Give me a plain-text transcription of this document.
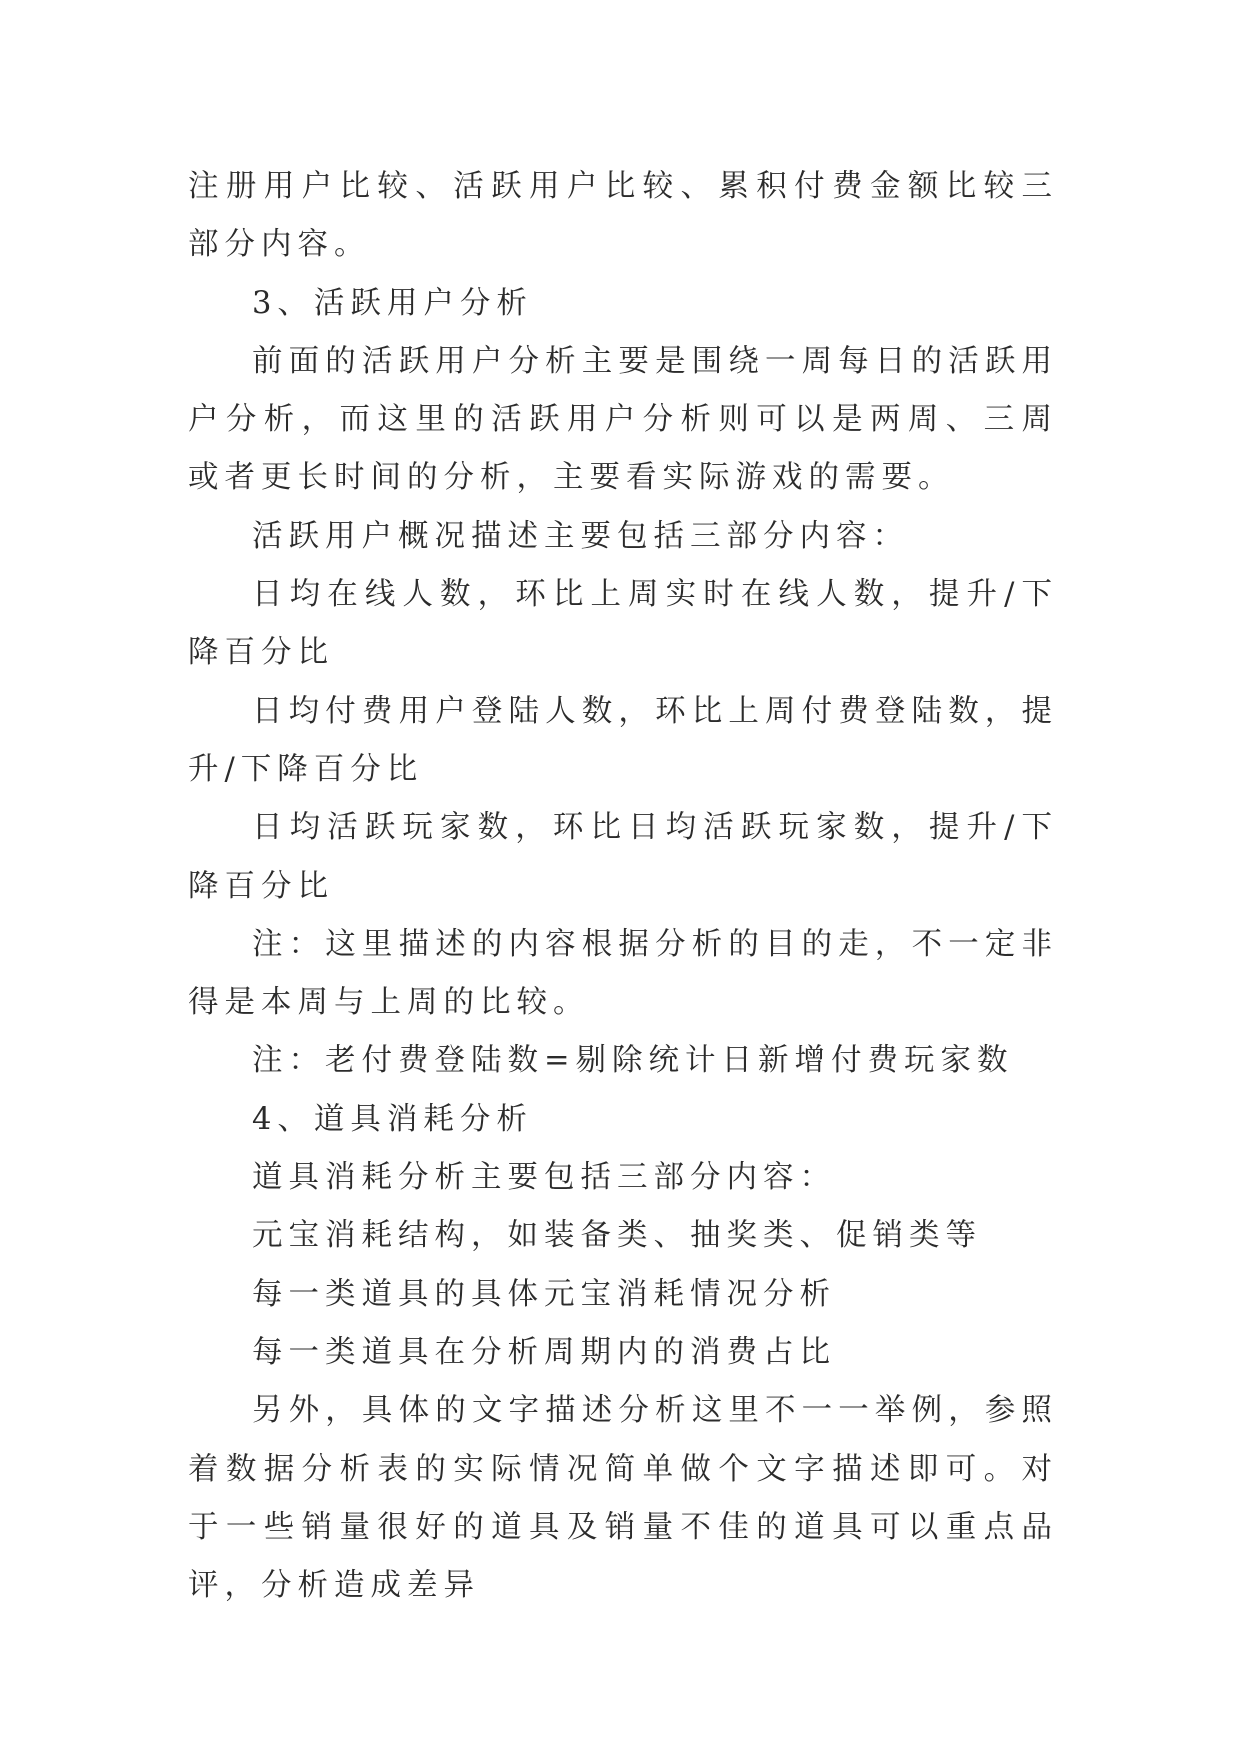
注册用户比较、活跃用户比较、累积付费金额比较三部分内容。

3、活跃用户分析

前面的活跃用户分析主要是围绕一周每日的活跃用户分析，而这里的活跃用户分析则可以是两周、三周或者更长时间的分析，主要看实际游戏的需要。

活跃用户概况描述主要包括三部分内容：

日均在线人数，环比上周实时在线人数，提升/下降百分比

日均付费用户登陆人数，环比上周付费登陆数，提升/下降百分比

日均活跃玩家数，环比日均活跃玩家数，提升/下降百分比

注：这里描述的内容根据分析的目的走，不一定非得是本周与上周的比较。

注：老付费登陆数=剔除统计日新增付费玩家数

4、道具消耗分析

道具消耗分析主要包括三部分内容：

元宝消耗结构，如装备类、抽奖类、促销类等

每一类道具的具体元宝消耗情况分析

每一类道具在分析周期内的消费占比

另外，具体的文字描述分析这里不一一举例，参照着数据分析表的实际情况简单做个文字描述即可。对于一些销量很好的道具及销量不佳的道具可以重点品评，分析造成差异
